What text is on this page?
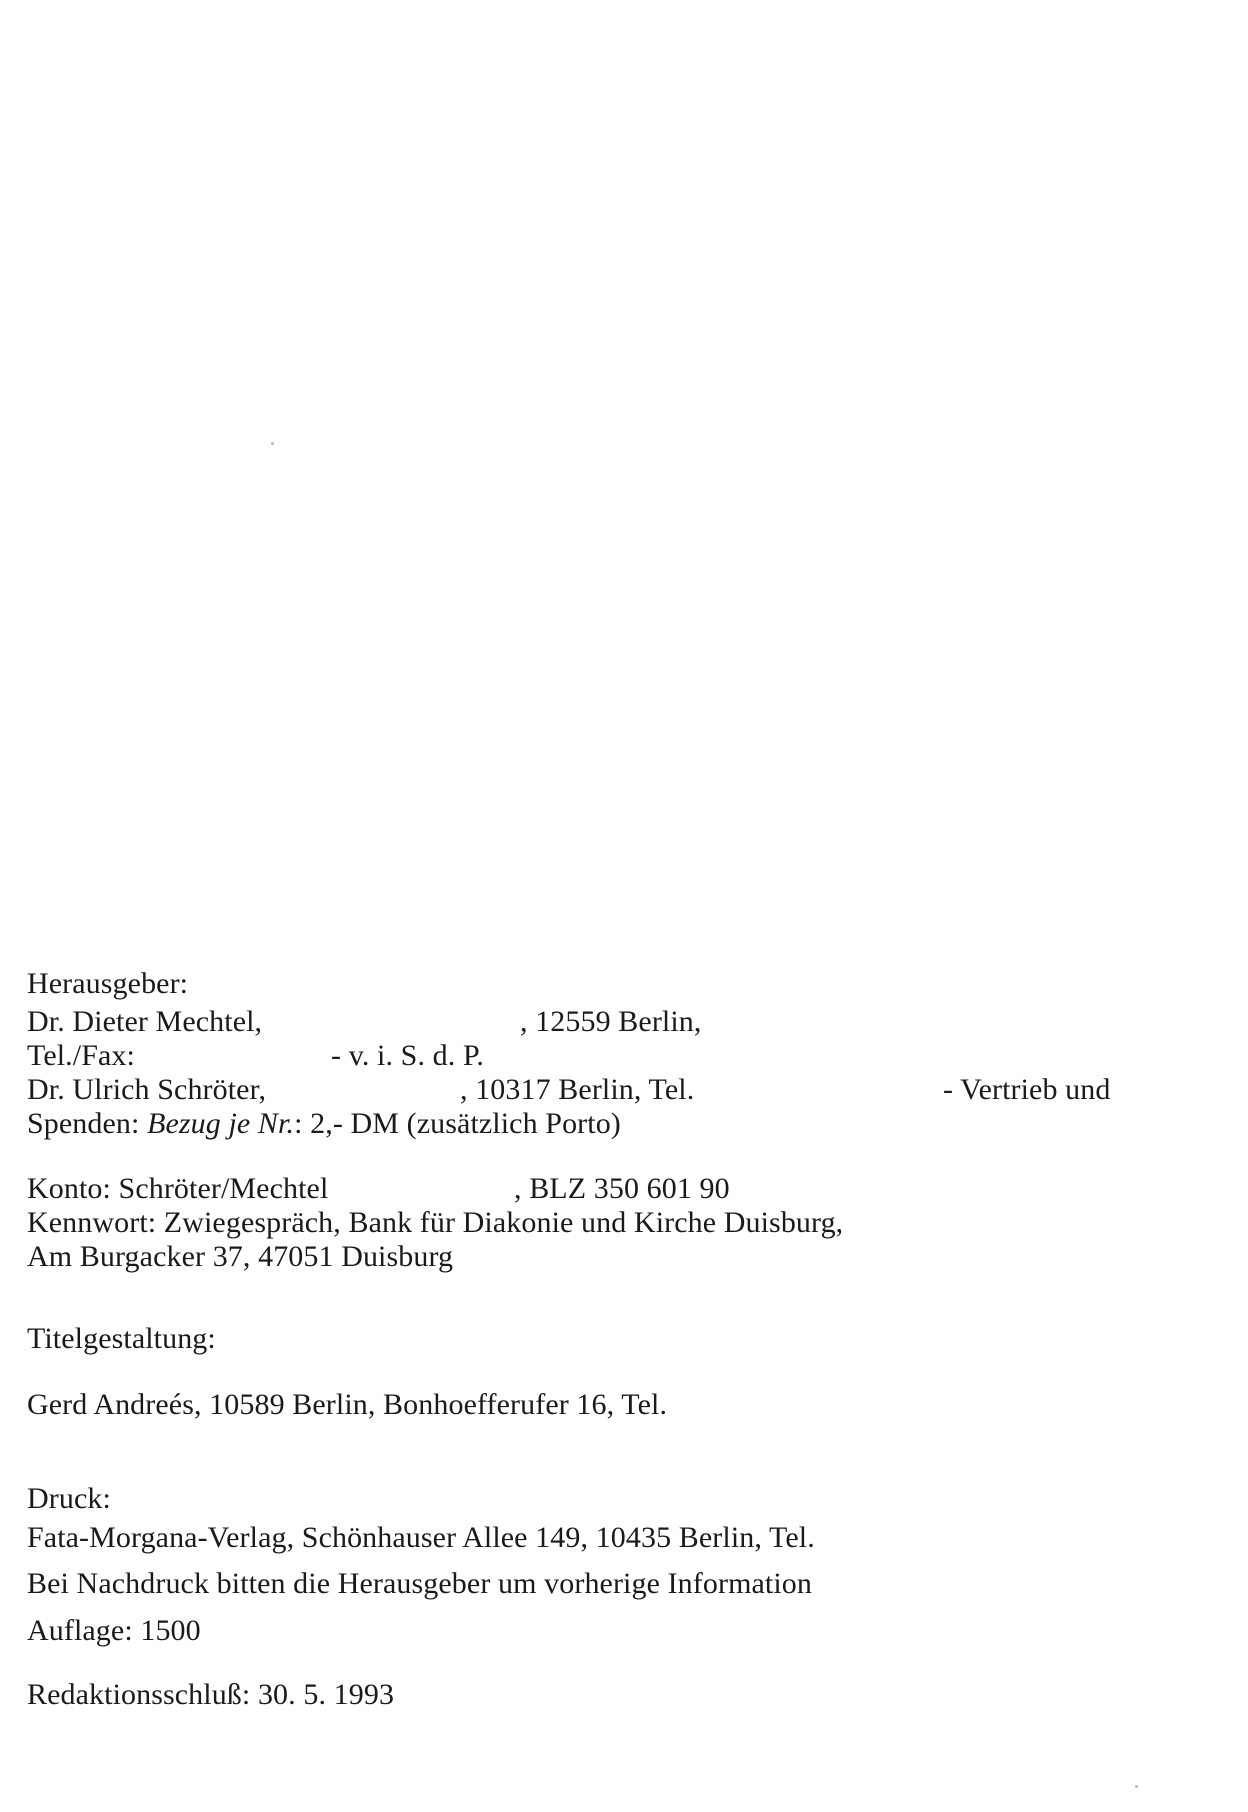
Herausgeber:
Dr. Dieter Mechtel,	, 12559 Berlin,
Tel./Fax:	- v. i. S. d. P.
Dr. Ulrich Schröter,	, 10317 Berlin, Tel.	- Vertrieb und
Spenden: Bezug je Nr.: 2,- DM (zusätzlich Porto)
Konto: Schröter/Mechtel	, BLZ 350 601 90
Kennwort: Zwiegespräch, Bank für Diakonie und Kirche Duisburg,
Am Burgacker 37, 47051 Duisburg
Titelgestaltung:
Gerd Andreés, 10589 Berlin, Bonhoefferufer 16, Tel.
Druck:
Fata-Morgana-Verlag, Schönhauser Allee 149, 10435 Berlin, Tel.
Bei Nachdruck bitten die Herausgeber um vorherige Information
Auflage: 1500
Redaktionsschluß: 30. 5. 1993
